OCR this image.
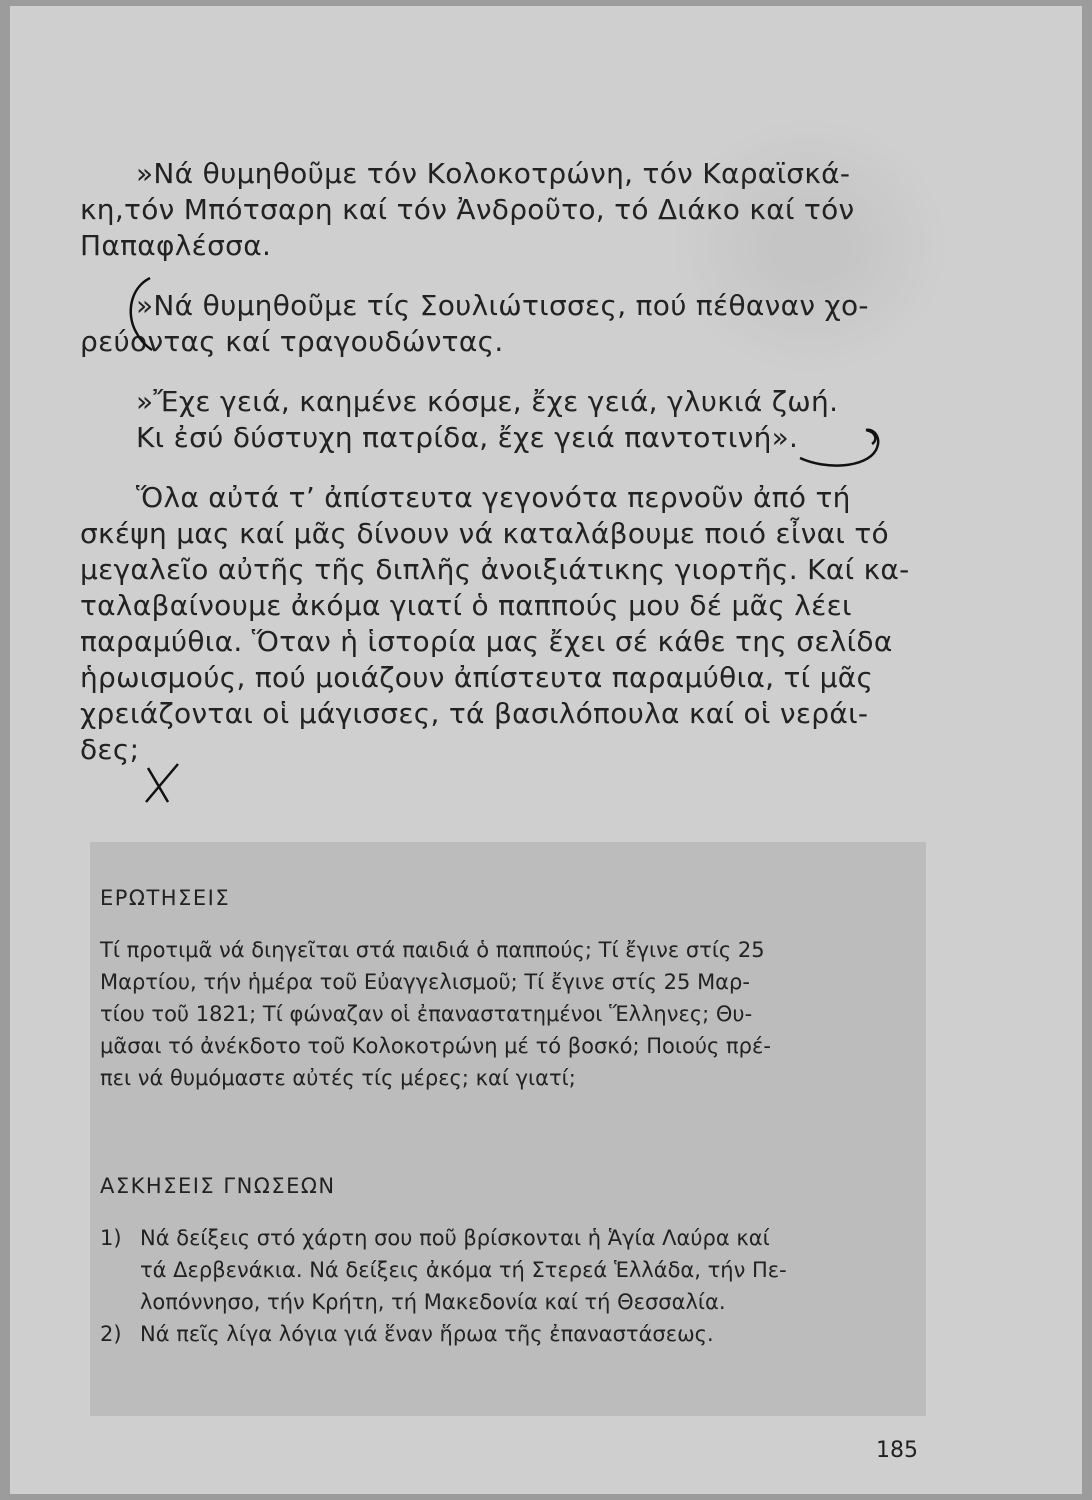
»Νά θυμηθοῦμε τόν Κολοκοτρώνη, τόν Καραϊσκά-
κη,τόν Μπότσαρη καί τόν Ἀνδροῦτο, τό Διάκο καί τόν
Παπαφλέσσα.
»Νά θυμηθοῦμε τίς Σουλιώτισσες, πού πέθαναν χο-
ρεύοντας καί τραγουδώντας.
»Ἔχε γειά, καημένε κόσμε, ἔχε γειά, γλυκιά ζωή.
Κι ἐσύ δύστυχη πατρίδα, ἔχε γειά παντοτινή».
Ὅλα αὐτά τ’ ἀπίστευτα γεγονότα περνοῦν ἀπό τή
σκέψη μας καί μᾶς δίνουν νά καταλάβουμε ποιό εἶναι τό
μεγαλεῖο αὐτῆς τῆς διπλῆς ἀνοιξιάτικης γιορτῆς. Καί κα-
ταλαβαίνουμε ἀκόμα γιατί ὁ παππούς μου δέ μᾶς λέει
παραμύθια. Ὅταν ἡ ἱστορία μας ἔχει σέ κάθε της σελίδα
ἡρωισμούς, πού μοιάζουν ἀπίστευτα παραμύθια, τί μᾶς
χρειάζονται οἱ μάγισσες, τά βασιλόπουλα καί οἱ νεράι-
δες;
ΕΡΩΤΗΣΕΙΣ
Τί προτιμᾶ νά διηγεῖται στά παιδιά ὁ παππούς; Τί ἔγινε στίς 25
Μαρτίου, τήν ἡμέρα τοῦ Εὐαγγελισμοῦ; Τί ἔγινε στίς 25 Μαρ-
τίου τοῦ 1821; Τί φώναζαν οἱ ἐπαναστατημένοι Ἕλληνες; Θυ-
μᾶσαι τό ἀνέκδοτο τοῦ Κολοκοτρώνη μέ τό βοσκό; Ποιούς πρέ-
πει νά θυμόμαστε αὐτές τίς μέρες; καί γιατί;
ΑΣΚΗΣΕΙΣ ΓΝΩΣΕΩΝ
1) Νά δείξεις στό χάρτη σου ποῦ βρίσκονται ἡ Ἁγία Λαύρα καί
τά Δερβενάκια. Νά δείξεις ἀκόμα τή Στερεά Ἑλλάδα, τήν Πε-
λοπόννησο, τήν Κρήτη, τή Μακεδονία καί τή Θεσσαλία.
2) Νά πεῖς λίγα λόγια γιά ἕναν ἥρωα τῆς ἐπαναστάσεως.
185
